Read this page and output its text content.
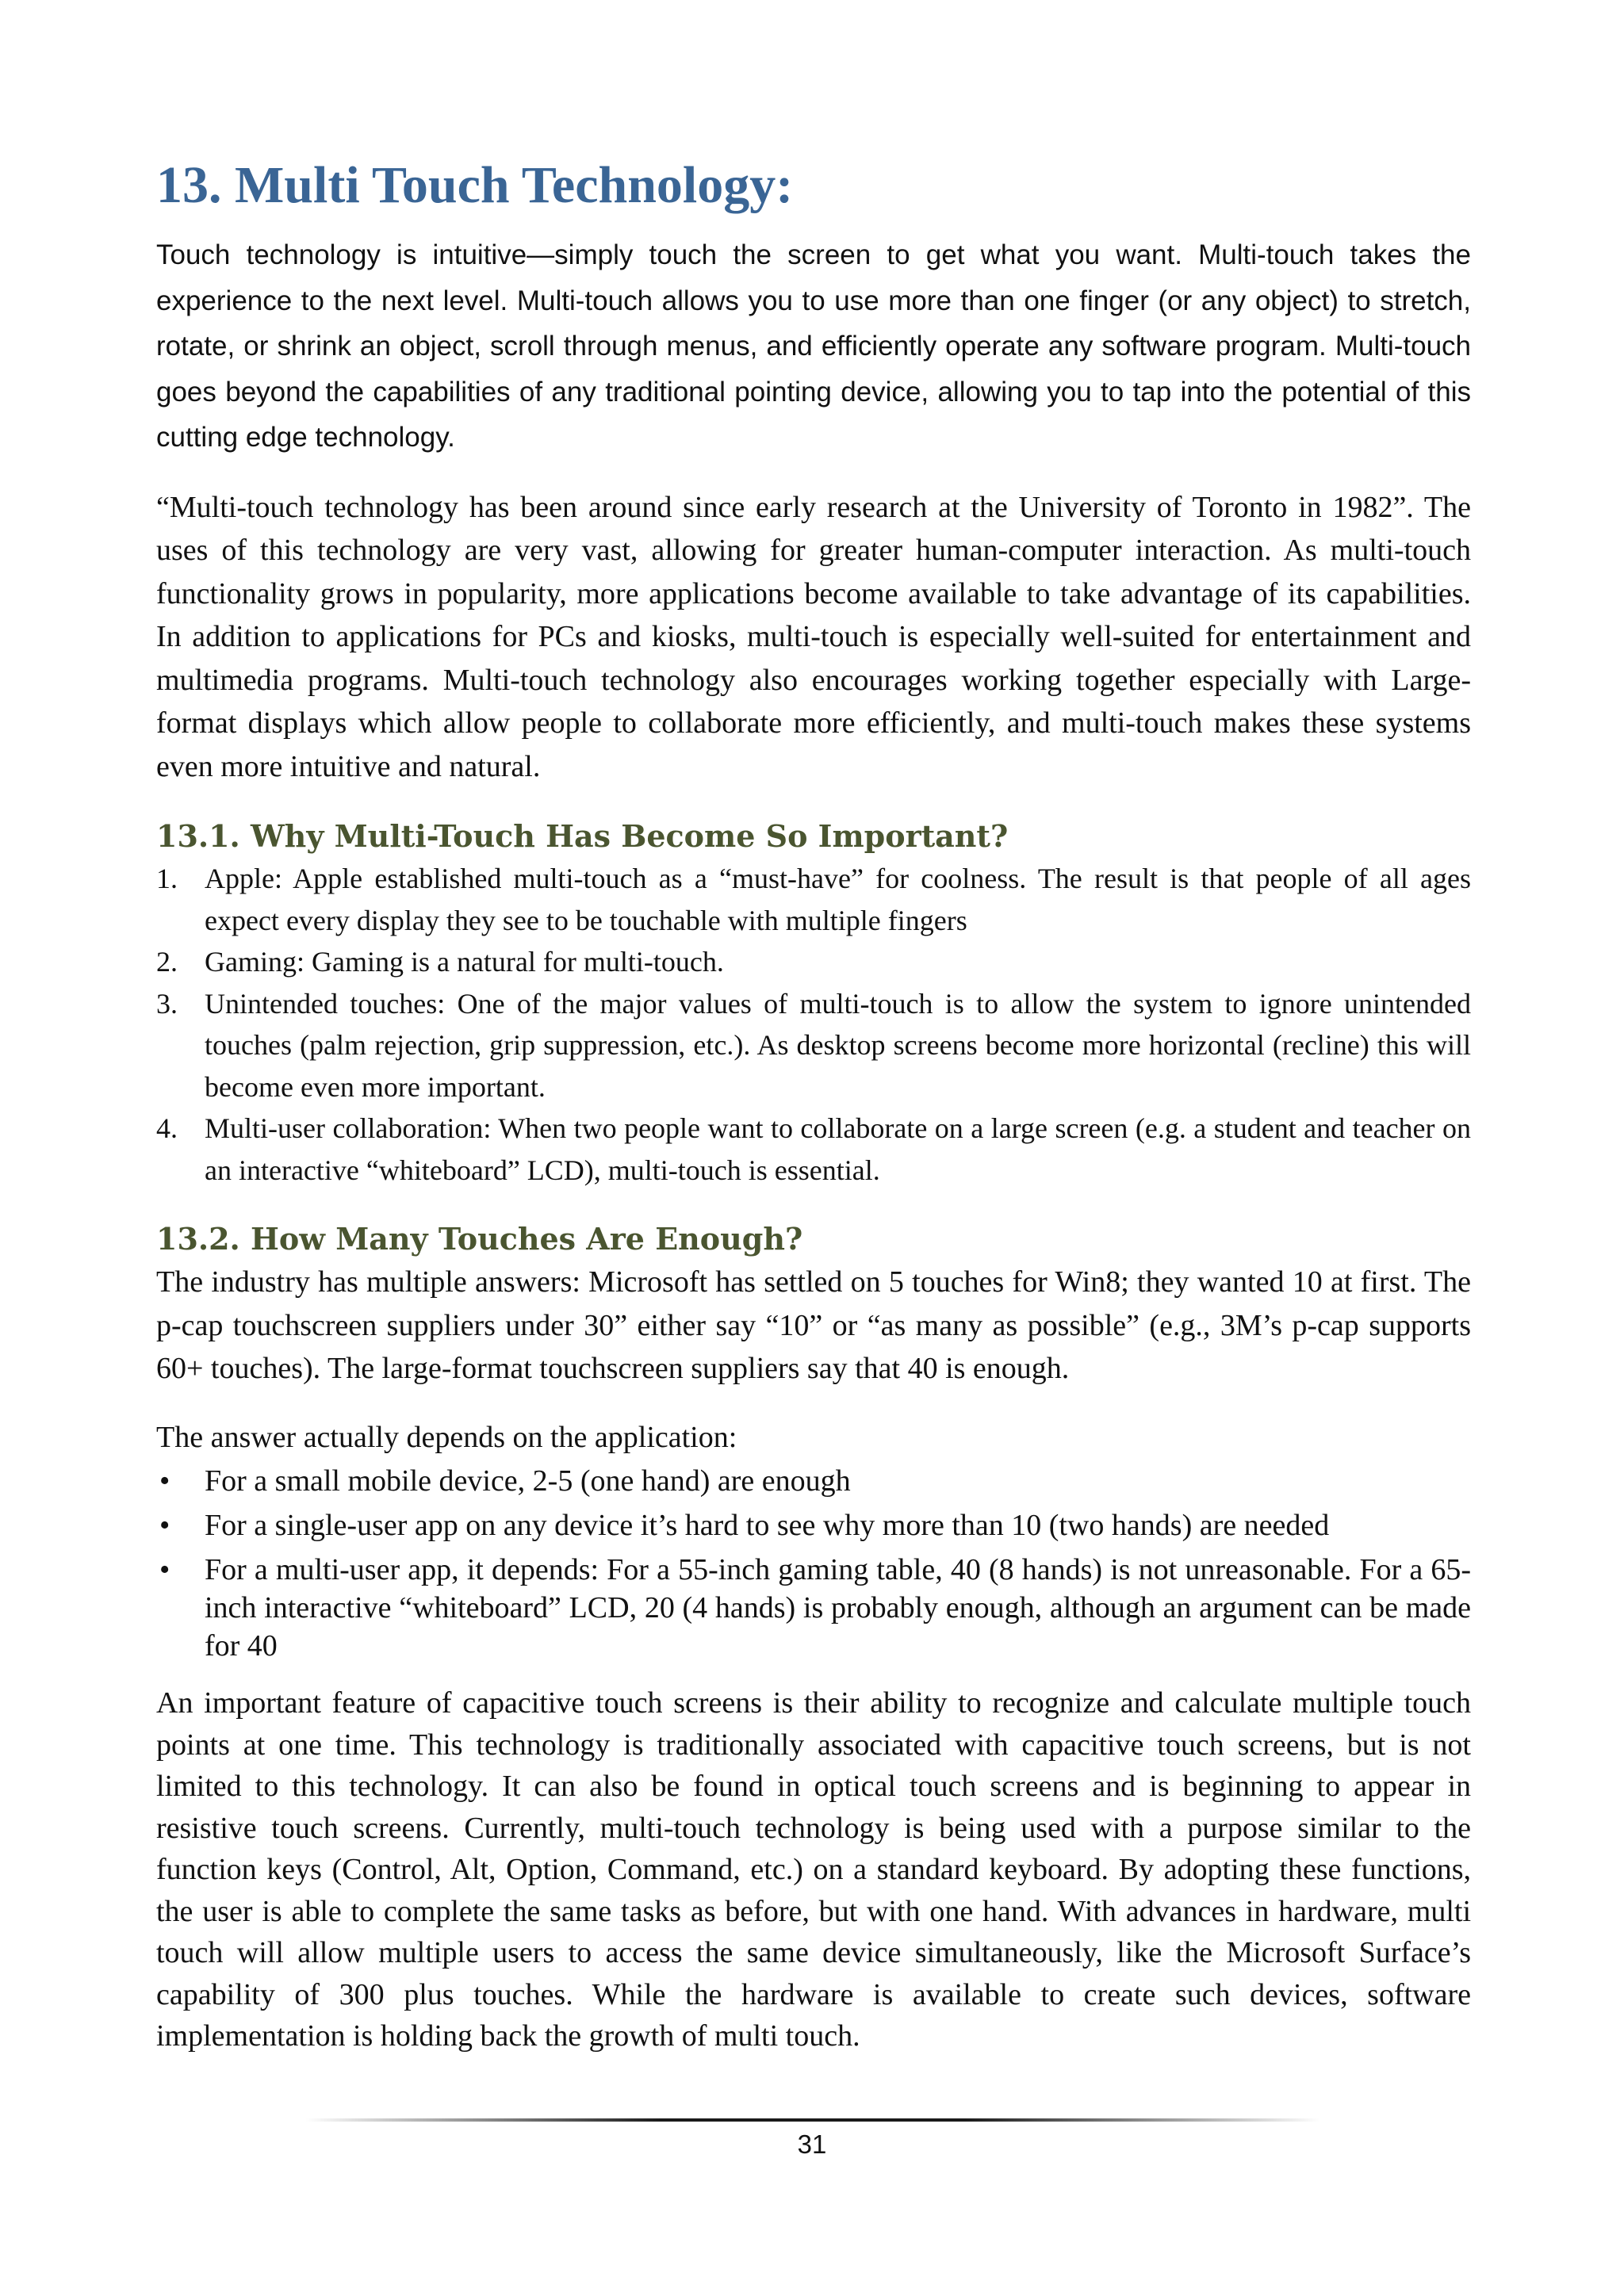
13. Multi Touch Technology:

Touch technology is intuitive—simply touch the screen to get what you want. Multi-touch takes the experience to the next level. Multi-touch allows you to use more than one finger (or any object) to stretch, rotate, or shrink an object, scroll through menus, and efficiently operate any software program. Multi-touch goes beyond the capabilities of any traditional pointing device, allowing you to tap into the potential of this cutting edge technology.

“Multi-touch technology has been around since early research at the University of Toronto in 1982”. The uses of this technology are very vast, allowing for greater human-computer interaction. As multi-touch functionality grows in popularity, more applications become available to take advantage of its capabilities. In addition to applications for PCs and kiosks, multi-touch is especially well-suited for entertainment and multimedia programs. Multi-touch technology also encourages working together especially with Large-format displays which allow people to collaborate more efficiently, and multi-touch makes these systems even more intuitive and natural.

13.1. Why Multi-Touch Has Become So Important?
1. Apple: Apple established multi-touch as a “must-have” for coolness. The result is that people of all ages expect every display they see to be touchable with multiple fingers
2. Gaming: Gaming is a natural for multi-touch.
3. Unintended touches: One of the major values of multi-touch is to allow the system to ignore unintended touches (palm rejection, grip suppression, etc.). As desktop screens become more horizontal (recline) this will become even more important.
4. Multi-user collaboration: When two people want to collaborate on a large screen (e.g. a student and teacher on an interactive “whiteboard” LCD), multi-touch is essential.
13.2. How Many Touches Are Enough?

The industry has multiple answers: Microsoft has settled on 5 touches for Win8; they wanted 10 at first. The p-cap touchscreen suppliers under 30” either say “10” or “as many as possible” (e.g., 3M’s p-cap supports 60+ touches). The large-format touchscreen suppliers say that 40 is enough.

The answer actually depends on the application:

•	For a small mobile device, 2-5 (one hand) are enough
•	For a single-user app on any device it’s hard to see why more than 10 (two hands) are needed
•	For a multi-user app, it depends: For a 55-inch gaming table, 40 (8 hands) is not unreasonable. For a 65-inch interactive “whiteboard” LCD, 20 (4 hands) is probably enough, although an argument can be made for 40

An important feature of capacitive touch screens is their ability to recognize and calculate multiple touch points at one time. This technology is traditionally associated with capacitive touch screens, but is not limited to this technology. It can also be found in optical touch screens and is beginning to appear in resistive touch screens. Currently, multi-touch technology is being used with a purpose similar to the function keys (Control, Alt, Option, Command, etc.) on a standard keyboard. By adopting these functions, the user is able to complete the same tasks as before, but with one hand. With advances in hardware, multi touch will allow multiple users to access the same device simultaneously, like the Microsoft Surface’s capability of 300 plus touches. While the hardware is available to create such devices, software implementation is holding back the growth of multi touch.

31
